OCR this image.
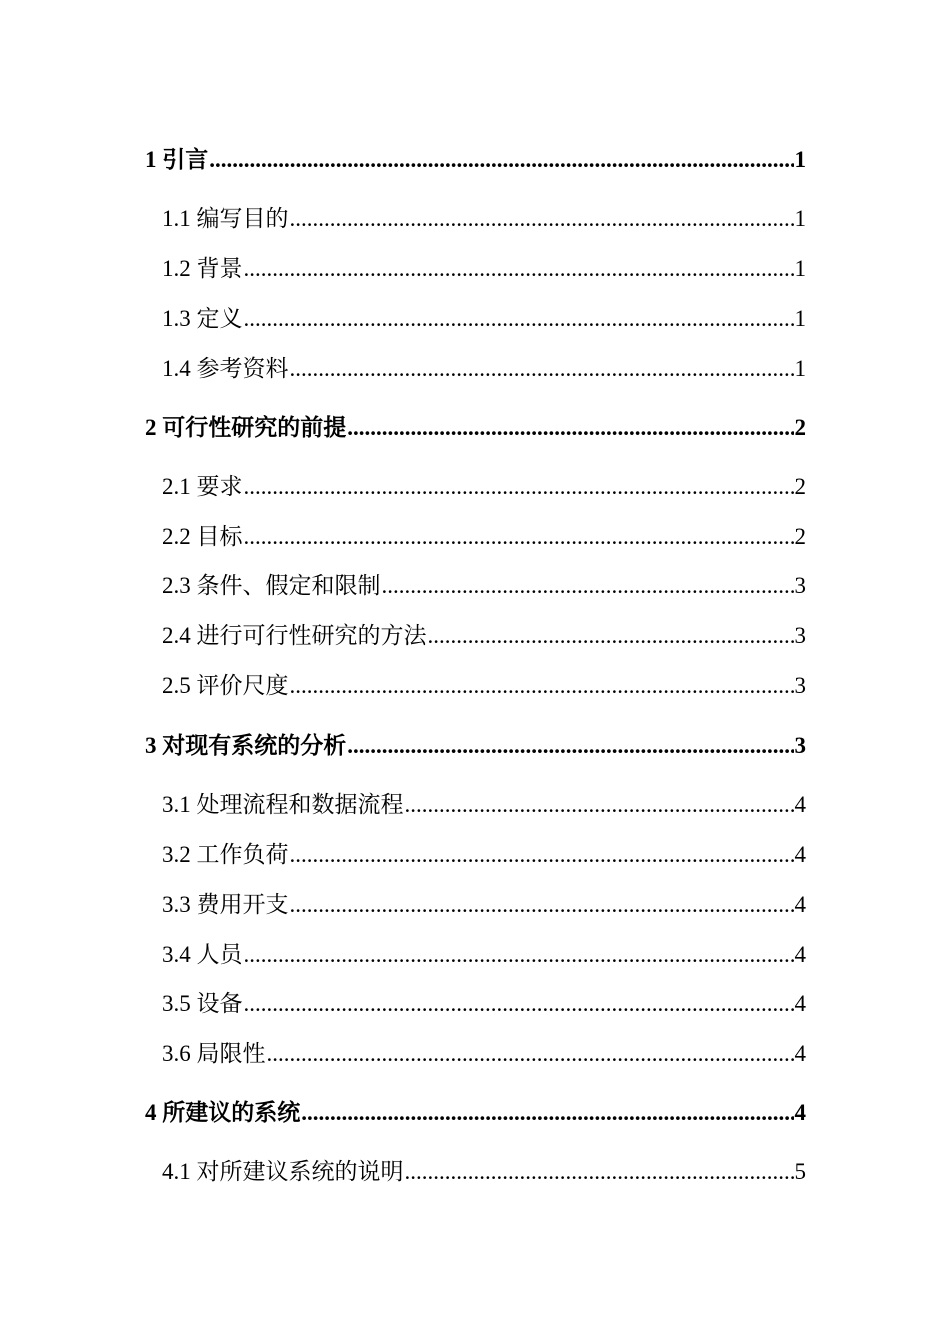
1 引言 .....	1
1.1 编写目的 .....	1
1.2 背景 .....	1
1.3 定义 .....	1
1.4 参考资料 .....	1
2 可行性研究的前提 .....	2
2.1 要求 .....	2
2.2 目标 .....	2
2.3 条件、假定和限制 .....	3
2.4 进行可行性研究的方法 .....	3
2.5 评价尺度 .....	3
3 对现有系统的分析 .....	3
3.1 处理流程和数据流程 .....	4
3.2 工作负荷 .....	4
3.3 费用开支 .....	4
3.4 人员 .....	4
3.5 设备 .....	4
3.6 局限性 .....	4
4 所建议的系统 .....	4
4.1 对所建议系统的说明 .....	5
